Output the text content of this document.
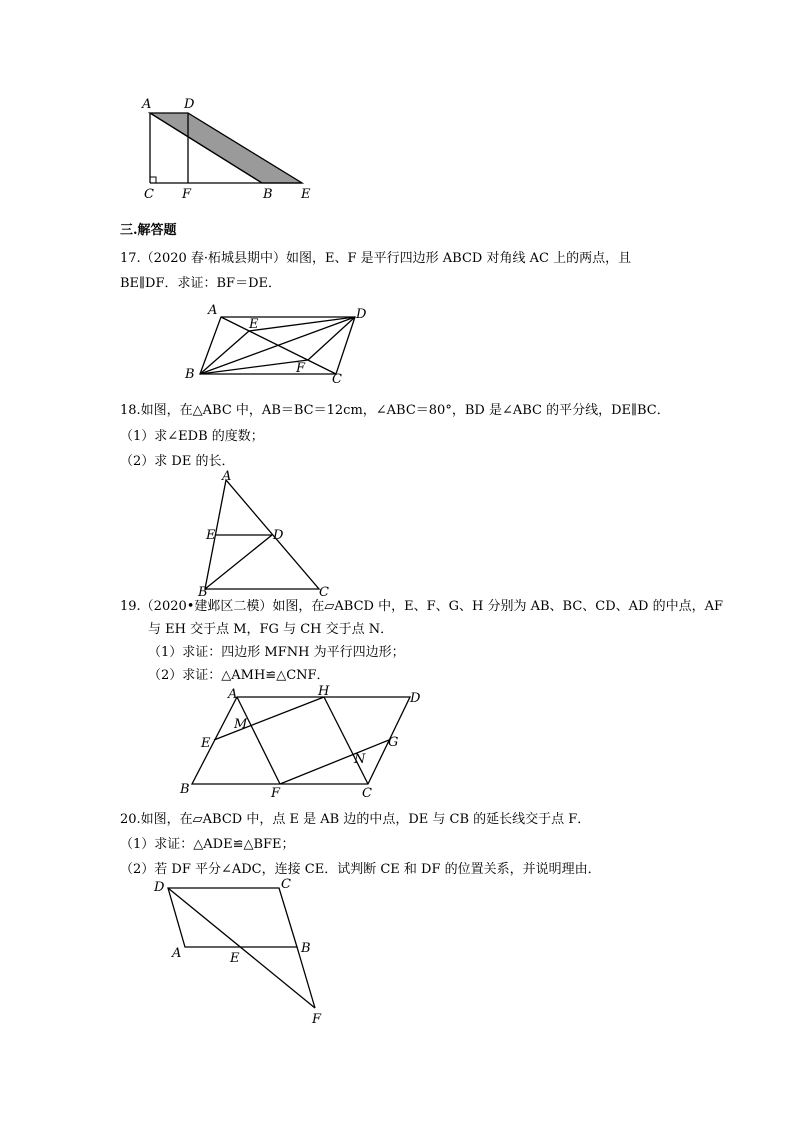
A	D
C F	B E
三.解答题
17.（2020 春·柘城县期中）如图，E、F 是平行四边形 ABCD 对角线 AC 上的两点，且
BE∥DF．求证：BF＝DE．
A
E
D
B	F
C
18.如图，在△ABC 中，AB＝BC＝12cm，∠ABC＝80°，BD 是∠ABC 的平分线，DE∥BC．
（1）求∠EDB 的度数；
（2）求 DE 的长．
A
E	D
B	C
19.（2020•建邺区二模）如图，在▱ABCD 中，E、F、G、H 分别为 AB、BC、CD、AD 的中点，AF
与 EH 交于点 M，FG 与 CH 交于点 N．
（1）求证：四边形 MFNH 为平行四边形；
（2）求证：△AMH≌△CNF．
A	H	D
M
E	G
N
B	F	C
20.如图，在▱ABCD 中，点 E 是 AB 边的中点，DE 与 CB 的延长线交于点 F．
（1）求证：△ADE≌△BFE；
（2）若 DF 平分∠ADC，连接 CE．试判断 CE 和 DF 的位置关系，并说明理由．
D	C
A	E
B
F
